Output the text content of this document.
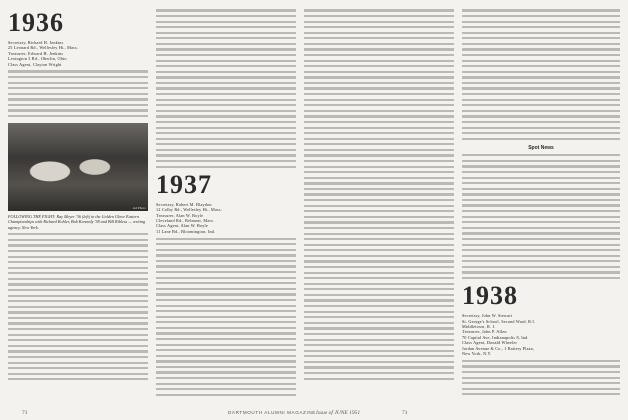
1936
Secretary, Richard H. Jenkins
25 Leonard Rd., Wellesley Hi., Mass.
Treasurer, Edward H. Jenkins
Lexington 3 Rd., Oberlin, Ohio
Class Agent, Clayton Wright
Ad Photo
FOLLOWING THE FIGHT: Ray Meyer '36 (left) in the Golden Glove Eastern Championships with Richard Kohler, Bob Kennedy '38 and Bill Ribless — writing agency, New York.
1937
Secretary, Robert M. Blaydon
12 Colby Rd., Wellesley Hi., Mass.
Treasurer, Alan W. Boyle
Cleveland Rd., Belmont, Mass.
Class Agent, Alan W. Boyle
11 Lane Rd., Bloomington, Ind.
Spot News
1938
Secretary, John W. Stewart
St. George's School, Second Ward, R.I.
Middletown, R. I.
Treasurer, John P. Allen
70 Capital Ave, Indianapolis 8, Ind.
Class Agent, Donald Wheeler
Jordan Avenue & Co., 1 Battery Plaza,
New York, N.Y.
71	DARTMOUTH ALUMNI MAGAZINE Issue of JUNE 1951	71
